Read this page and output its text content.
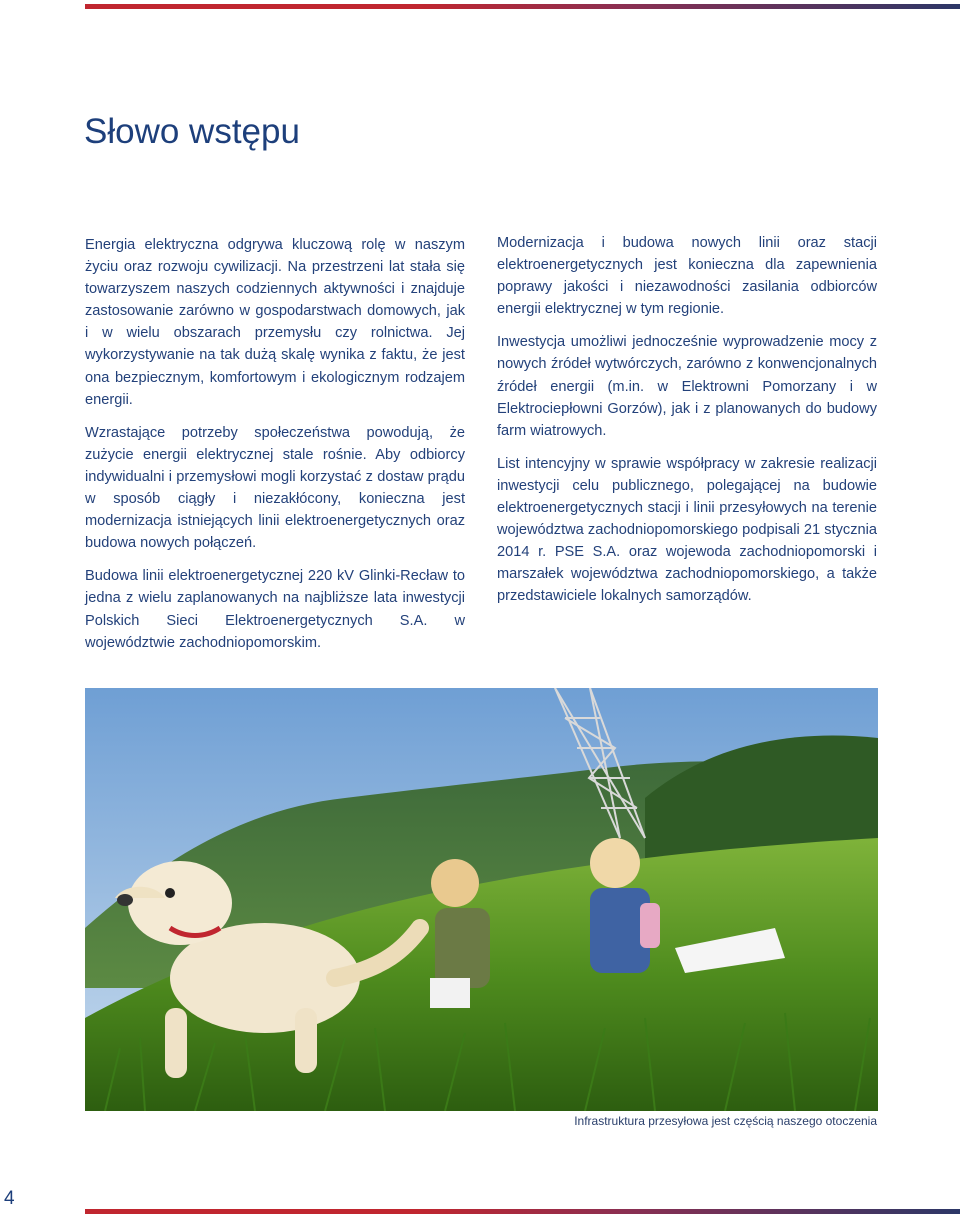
Słowo wstępu

Energia elektryczna odgrywa kluczową rolę w naszym życiu oraz rozwoju cywilizacji. Na przestrzeni lat stała się towarzyszem naszych codziennych aktywności i znajduje zastosowanie zarówno w gospodarstwach domowych, jak i w wielu obszarach przemysłu czy rolnictwa. Jej wykorzystywanie na tak dużą skalę wynika z faktu, że jest ona bezpiecznym, komfortowym i ekologicznym rodzajem energii.

Wzrastające potrzeby społeczeństwa powodują, że zużycie energii elektrycznej stale rośnie. Aby odbiorcy indywidualni i przemysłowi mogli korzystać z dostaw prądu w sposób ciągły i niezakłócony, konieczna jest modernizacja istniejących linii elektroenergetycznych oraz budowa nowych połączeń.

Budowa linii elektroenergetycznej 220 kV Glinki-Recław to jedna z wielu zaplanowanych na najbliższe lata inwestycji Polskich Sieci Elektroenergetycznych S.A. w województwie zachodniopomorskim.

Modernizacja i budowa nowych linii oraz stacji elektroenergetycznych jest konieczna dla zapewnienia poprawy jakości i niezawodności zasilania odbiorców energii elektrycznej w tym regionie.

Inwestycja umożliwi jednocześnie wyprowadzenie mocy z nowych źródeł wytwórczych, zarówno z konwencjonalnych źródeł energii (m.in. w Elektrowni Pomorzany i w Elektrociepłowni Gorzów), jak i z planowanych do budowy farm wiatrowych.

List intencyjny w sprawie współpracy w zakresie realizacji inwestycji celu publicznego, polegającej na budowie elektroenergetycznych stacji i linii przesyłowych na terenie województwa zachodniopomorskiego podpisali 21 stycznia 2014 r. PSE S.A. oraz wojewoda zachodniopomorski i marszałek województwa zachodniopomorskiego, a także przedstawiciele lokalnych samorządów.

Infrastruktura przesyłowa jest częścią naszego otoczenia
4
